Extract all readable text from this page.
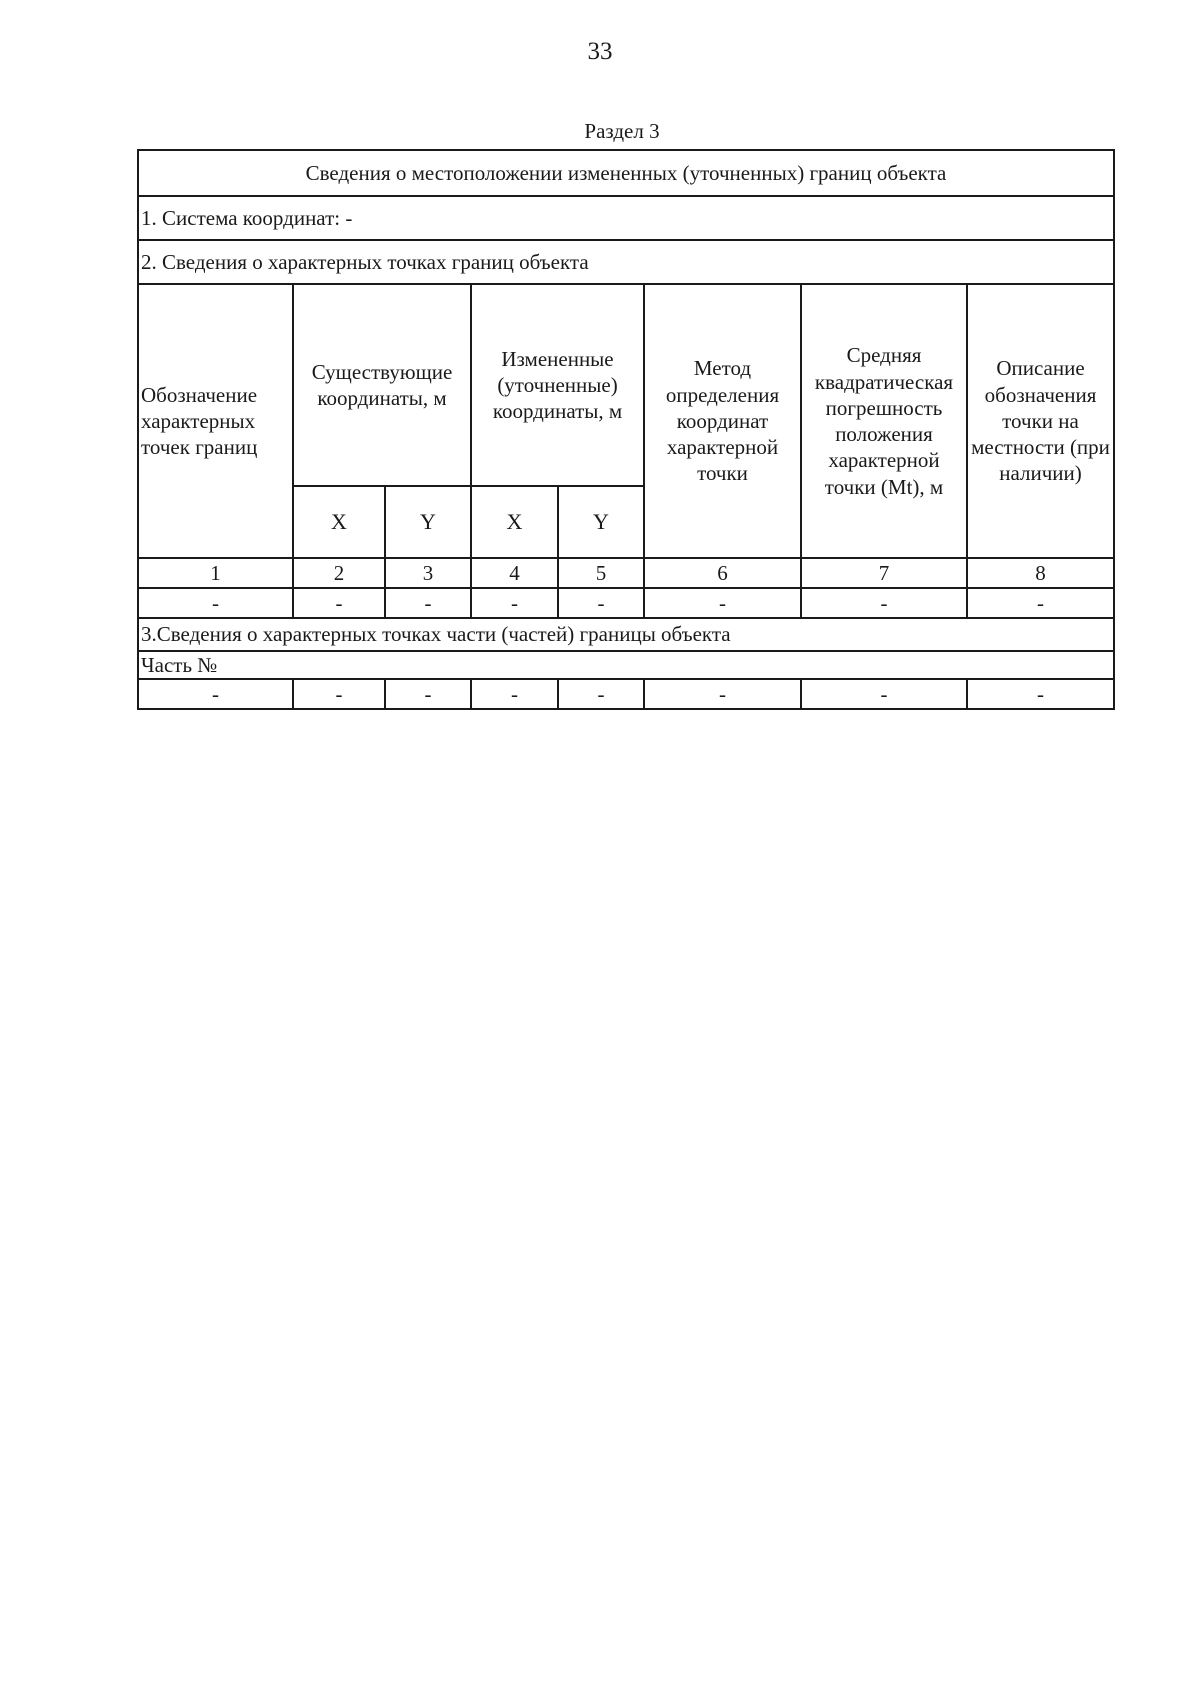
33
Раздел 3
Сведения о местоположении измененных (уточненных) границ объекта							
1. Система координат: -							
2. Сведения о характерных точках границ объекта							
Обозначение характерных точек границ	Существующие координаты, м		Измененные (уточненные) координаты, м		Метод определения координат характерной точки	Средняя квадратическая погрешность положения характерной точки (Mt), м	Описание обозначения точки на местности (при наличии)
	X	Y	X	Y			
1	2	3	4	5	6	7	8
-	-	-	-	-	-	-	-
3.Сведения о характерных точках части (частей) границы объекта							
Часть №							
-	-	-	-	-	-	-	-
